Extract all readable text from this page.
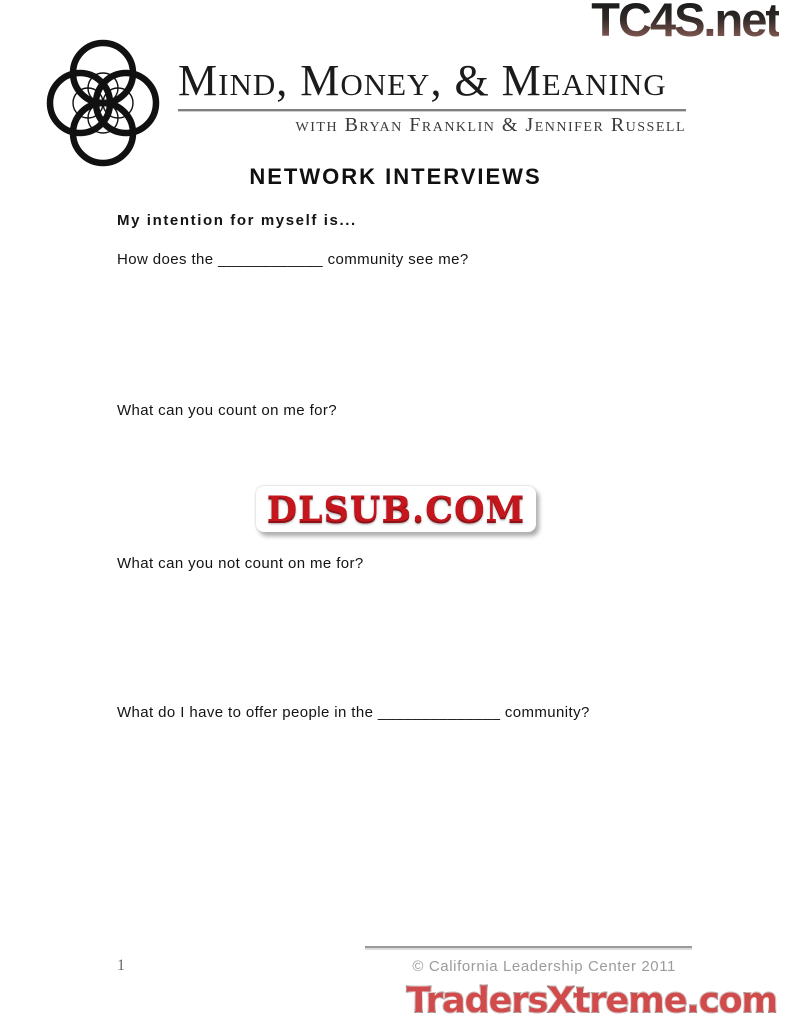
TC4S.net
Mind, Money, & Meaning
with Bryan Franklin & Jennifer Russell
NETWORK INTERVIEWS
My intention for myself is...
How does the ____________ community see me?
What can you count on me for?
What can you not count on me for?
What do I have to offer people in the ______________ community?
DLSUB.COM
1	© California Leadership Center 2011
TradersXtreme.com
